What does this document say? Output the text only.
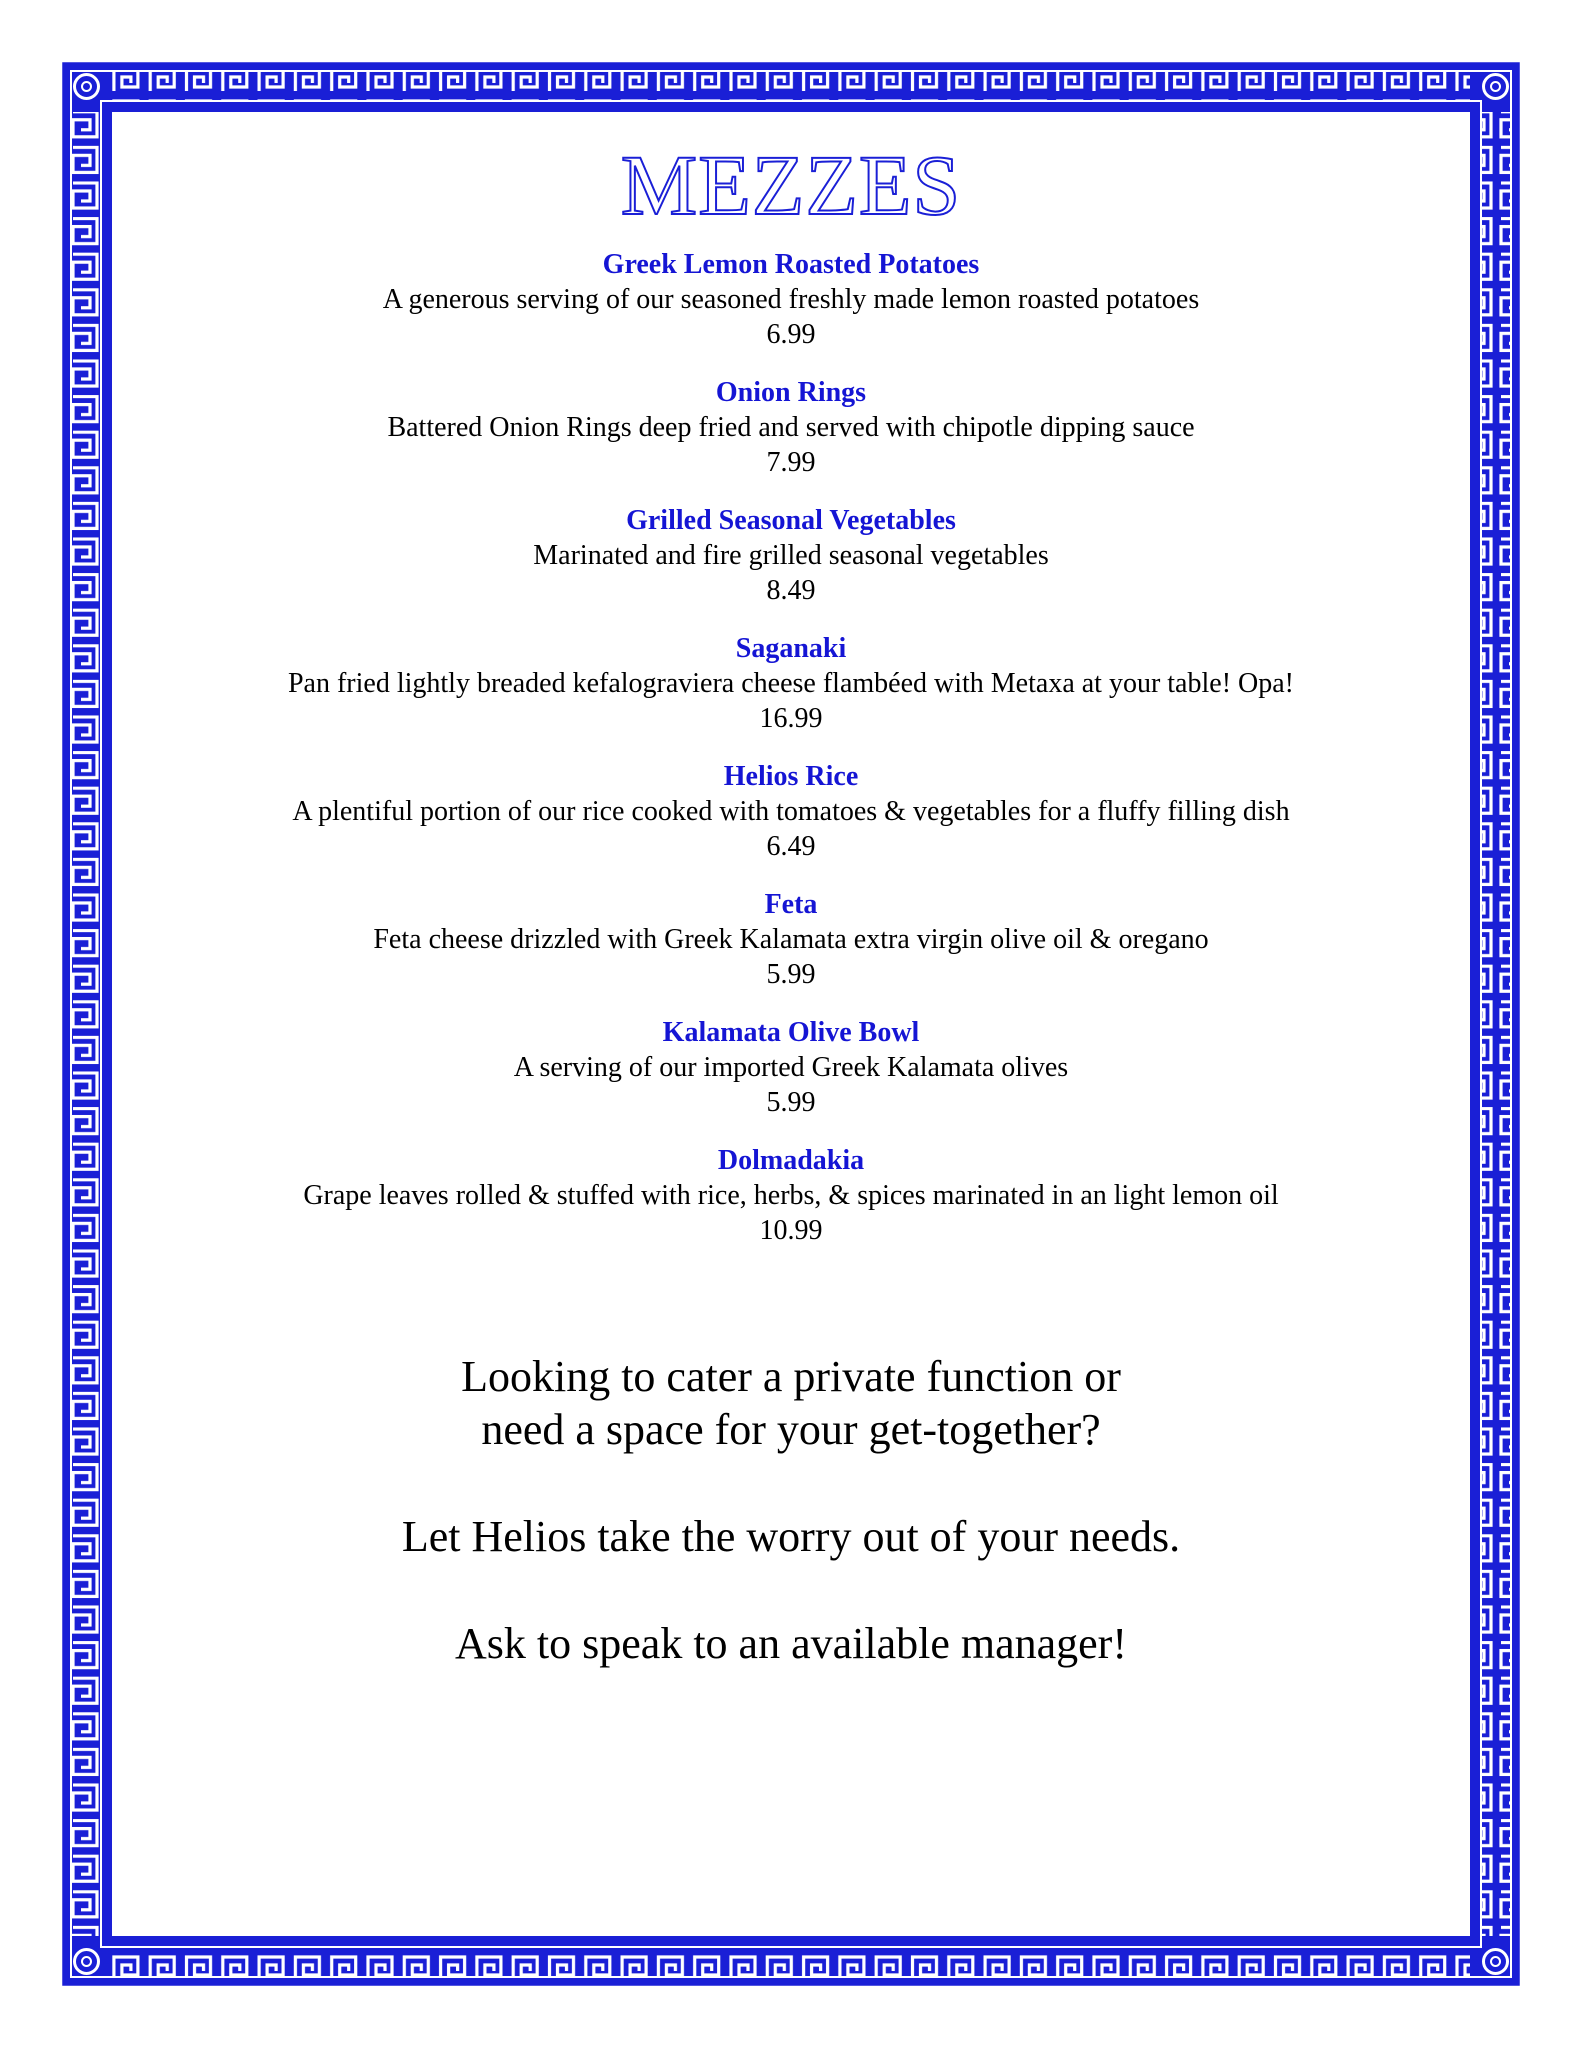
MEZZES
Greek Lemon Roasted Potatoes
A generous serving of our seasoned freshly made lemon roasted potatoes
6.99
Onion Rings
Battered Onion Rings deep fried and served with chipotle dipping sauce
7.99
Grilled Seasonal Vegetables
Marinated and fire grilled seasonal vegetables
8.49
Saganaki
Pan fried lightly breaded kefalograviera cheese flambéed with Metaxa at your table! Opa!
16.99
Helios Rice
A plentiful portion of our rice cooked with tomatoes & vegetables for a fluffy filling dish
6.49
Feta
Feta cheese drizzled with Greek Kalamata extra virgin olive oil & oregano
5.99
Kalamata Olive Bowl
A serving of our imported Greek Kalamata olives
5.99
Dolmadakia
Grape leaves rolled & stuffed with rice, herbs, & spices marinated in an light lemon oil
10.99

Looking to cater a private function or
need a space for your get-together?

Let Helios take the worry out of your needs.

Ask to speak to an available manager!
